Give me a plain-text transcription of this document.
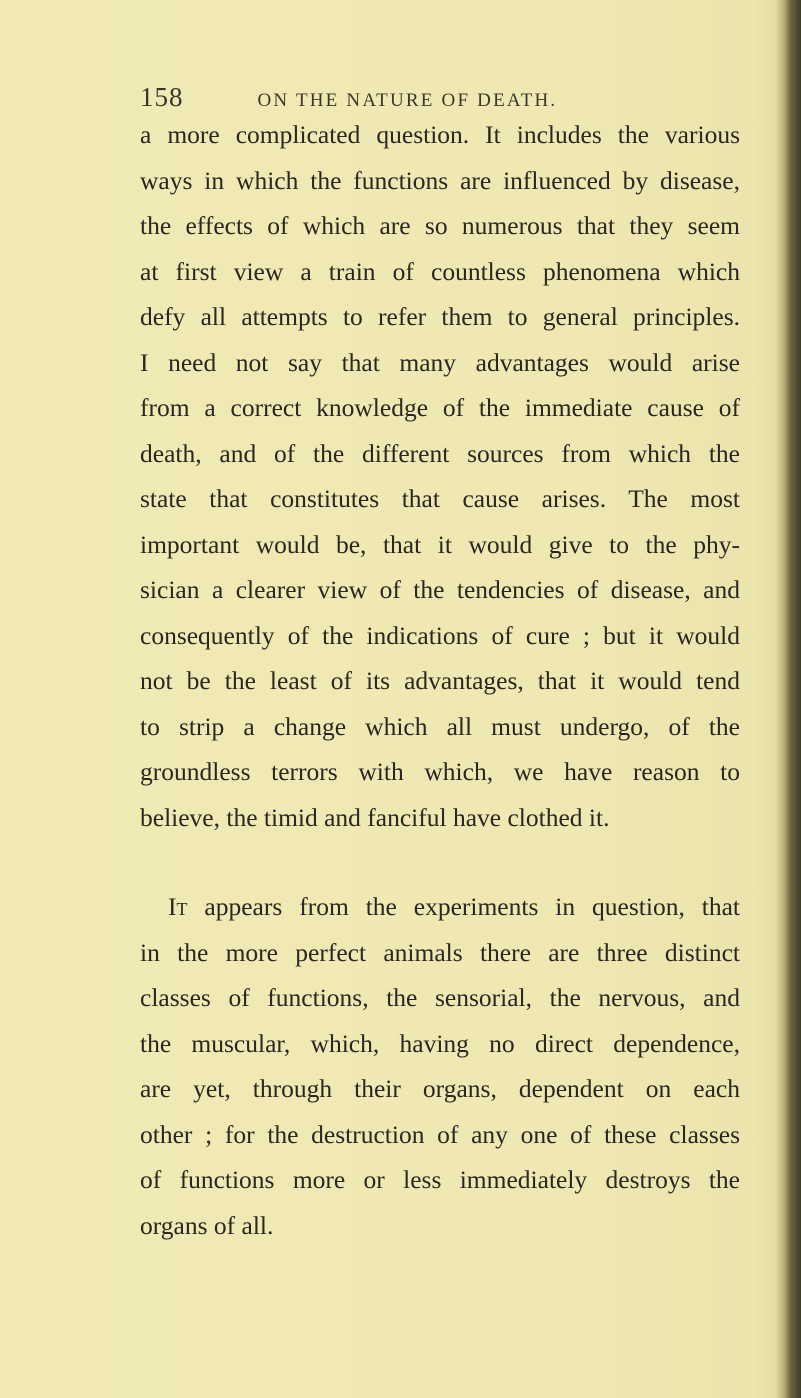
158	ON THE NATURE OF DEATH.
a more complicated question. It includes the various
ways in which the functions are influenced by disease,
the effects of which are so numerous that they seem
at first view a train of countless phenomena which
defy all attempts to refer them to general principles.
I need not say that many advantages would arise
from a correct knowledge of the immediate cause of
death, and of the different sources from which the
state that constitutes that cause arises. The most
important would be, that it would give to the phy-
sician a clearer view of the tendencies of disease, and
consequently of the indications of cure ; but it would
not be the least of its advantages, that it would tend
to strip a change which all must undergo, of the
groundless terrors with which, we have reason to
believe, the timid and fanciful have clothed it.
It appears from the experiments in question, that
in the more perfect animals there are three distinct
classes of functions, the sensorial, the nervous, and
the muscular, which, having no direct dependence,
are yet, through their organs, dependent on each
other ; for the destruction of any one of these classes
of functions more or less immediately destroys the
organs of all.
